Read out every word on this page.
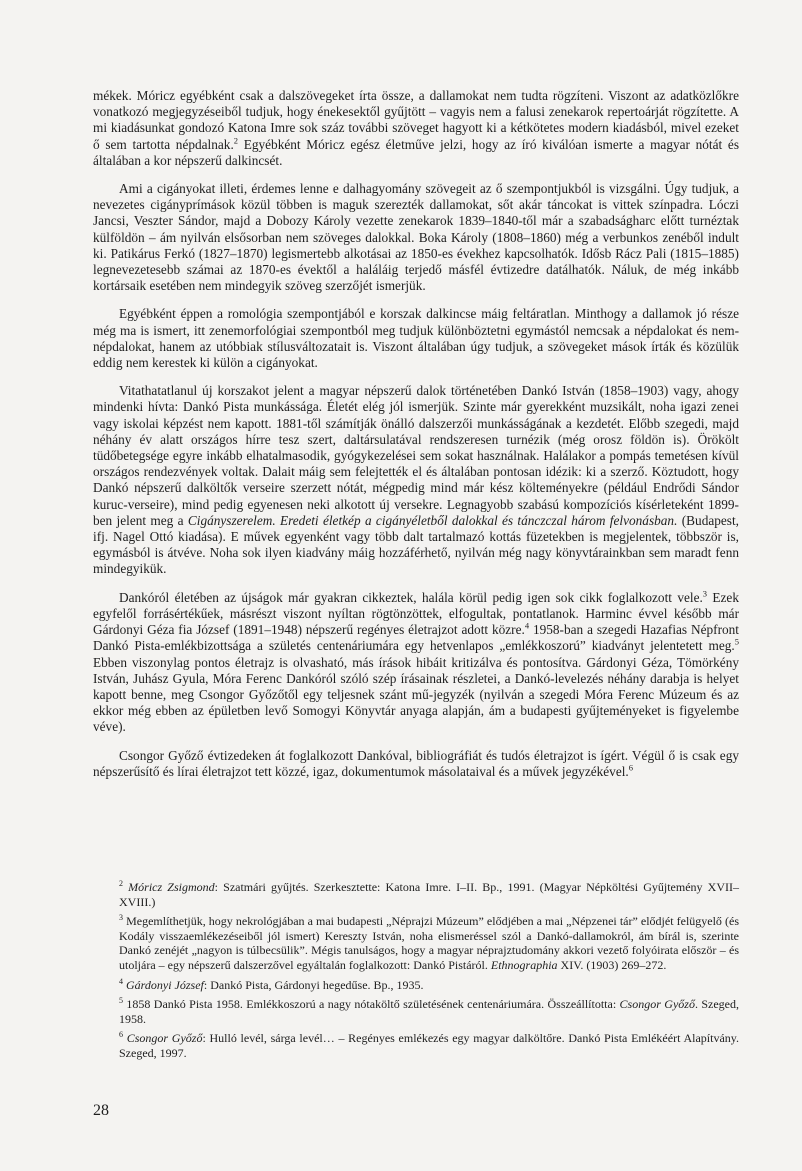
mékek. Móricz egyébként csak a dalszövegeket írta össze, a dallamokat nem tudta rögzíteni. Viszont az adatközlőkre vonatkozó megjegyzéseiből tudjuk, hogy énekesektől gyűjtött – vagyis nem a falusi zenekarok repertoárját rögzítette. A mi kiadásunkat gondozó Katona Imre sok száz további szöveget hagyott ki a kétkötetes modern kiadásból, mivel ezeket ő sem tartotta népdalnak.$^2$ Egyébként Móricz egész életműve jelzi, hogy az író kiválóan ismerte a magyar nótát és általában a kor népszerű dalkincsét.

Ami a cigányokat illeti, érdemes lenne e dalhagyomány szövegeit az ő szempontjukból is vizsgálni. Úgy tudjuk, a nevezetes cigányprímások közül többen is maguk szerezték dallamokat, sőt akár táncokat is vittek színpadra. Lóczi Jancsi, Veszter Sándor, majd a Dobozy Károly vezette zenekarok 1839–1840-től már a szabadságharc előtt turnéztak külföldön – ám nyilván elsősorban nem szöveges dalokkal. Boka Károly (1808–1860) még a verbunkos zenéből indult ki. Patikárus Ferkó (1827–1870) legismertebb alkotásai az 1850-es évekhez kapcsolhatók. Idősb Rácz Pali (1815–1885) legnevezetesebb számai az 1870-es évektől a haláláig terjedő másfél évtizedre datálhatók. Náluk, de még inkább kortársaik esetében nem mindegyik szöveg szerzőjét ismerjük.

Egyébként éppen a romológia szempontjából e korszak dalkincse máig feltáratlan. Minthogy a dallamok jó része még ma is ismert, itt zenemorfológiai szempontból meg tudjuk különböztetni egymástól nemcsak a népdalokat és nem-népdalokat, hanem az utóbbiak stílusváltozatait is. Viszont általában úgy tudjuk, a szövegeket mások írták és közülük eddig nem kerestek ki külön a cigányokat.

Vitathatatlanul új korszakot jelent a magyar népszerű dalok történetében Dankó István (1858–1903) vagy, ahogy mindenki hívta: Dankó Pista munkássága. Életét elég jól ismerjük. Szinte már gyerekként muzsikált, noha igazi zenei vagy iskolai képzést nem kapott. 1881-től számítják önálló dalszerzői munkásságának a kezdetét. Előbb szegedi, majd néhány év alatt országos hírre tesz szert, daltársulatával rendszeresen turnézik (még orosz földön is). Örökölt tüdőbetegsége egyre inkább elhatalmasodik, gyógykezelései sem sokat használnak. Halálakor a pompás temetésen kívül országos rendezvények voltak. Dalait máig sem felejtették el és általában pontosan idézik: ki a szerző. Köztudott, hogy Dankó népszerű dalköltők verseire szerzett nótát, mégpedig mind már kész költeményekre (például Endrődi Sándor kuruc-verseire), mind pedig egyenesen neki alkotott új versekre. Legnagyobb szabású kompozíciós kísérleteként 1899-ben jelent meg a Cigányszerelem. Eredeti életkép a cigányéletből dalokkal és tánczczal három felvonásban. (Budapest, ifj. Nagel Ottó kiadása). E művek egyenként vagy több dalt tartalmazó kottás füzetekben is megjelentek, többször is, egymásból is átvéve. Noha sok ilyen kiadvány máig hozzáférhető, nyilván még nagy könyvtárainkban sem maradt fenn mindegyikük.

Dankóról életében az újságok már gyakran cikkeztek, halála körül pedig igen sok cikk foglalkozott vele.$^3$ Ezek egyfelől forrásértékűek, másrészt viszont nyíltan rögtönzöttek, elfogultak, pontatlanok. Harminc évvel később már Gárdonyi Géza fia József (1891–1948) népszerű regényes életrajzot adott közre.$^4$ 1958-ban a szegedi Hazafias Népfront Dankó Pista-emlékbizottsága a születés centenáriumára egy hetvenlapos „emlékkoszorú” kiadványt jelentetett meg.$^5$ Ebben viszonylag pontos életrajz is olvasható, más írások hibáit kritizálva és pontosítva. Gárdonyi Géza, Tömörkény István, Juhász Gyula, Móra Ferenc Dankóról szóló szép írásainak részletei, a Dankó-levelezés néhány darabja is helyet kapott benne, meg Csongor Győzőtől egy teljesnek szánt mű-jegyzék (nyilván a szegedi Móra Ferenc Múzeum és az ekkor még ebben az épületben levő Somogyi Könyvtár anyaga alapján, ám a budapesti gyűjteményeket is figyelembe véve).

Csongor Győző évtizedeken át foglalkozott Dankóval, bibliográfiát és tudós életrajzot is ígért. Végül ő is csak egy népszerűsítő és lírai életrajzot tett közzé, igaz, dokumentumok másolataival és a művek jegyzékével.$^6$

$^2$ Móricz Zsigmond: Szatmári gyűjtés. Szerkesztette: Katona Imre. I–II. Bp., 1991. (Magyar Népköltési Gyűjtemény XVII–XVIII.)

$^3$ Megemlíthetjük, hogy nekrológjában a mai budapesti „Néprajzi Múzeum” elődjében a mai „Népzenei tár” elődjét felügyelő (és Kodály visszaemlékezéseiből jól ismert) Kereszty István, noha elismeréssel szól a Dankó-dallamokról, ám bírál is, szerinte Dankó zenéjét „nagyon is túlbecsülik”. Mégis tanulságos, hogy a magyar néprajztudomány akkori vezető folyóirata először – és utoljára – egy népszerű dalszerzővel egyáltalán foglalkozott: Dankó Pistáról. Ethnographia XIV. (1903) 269–272.

$^4$ Gárdonyi József: Dankó Pista, Gárdonyi hegedűse. Bp., 1935.

$^5$ 1858 Dankó Pista 1958. Emlékkoszorú a nagy nótaköltő születésének centenáriumára. Összeállította: Csongor Győző. Szeged, 1958.

$^6$ Csongor Győző: Hulló levél, sárga levél… – Regényes emlékezés egy magyar dalköltőre. Dankó Pista Emlékéért Alapítvány. Szeged, 1997.

28
